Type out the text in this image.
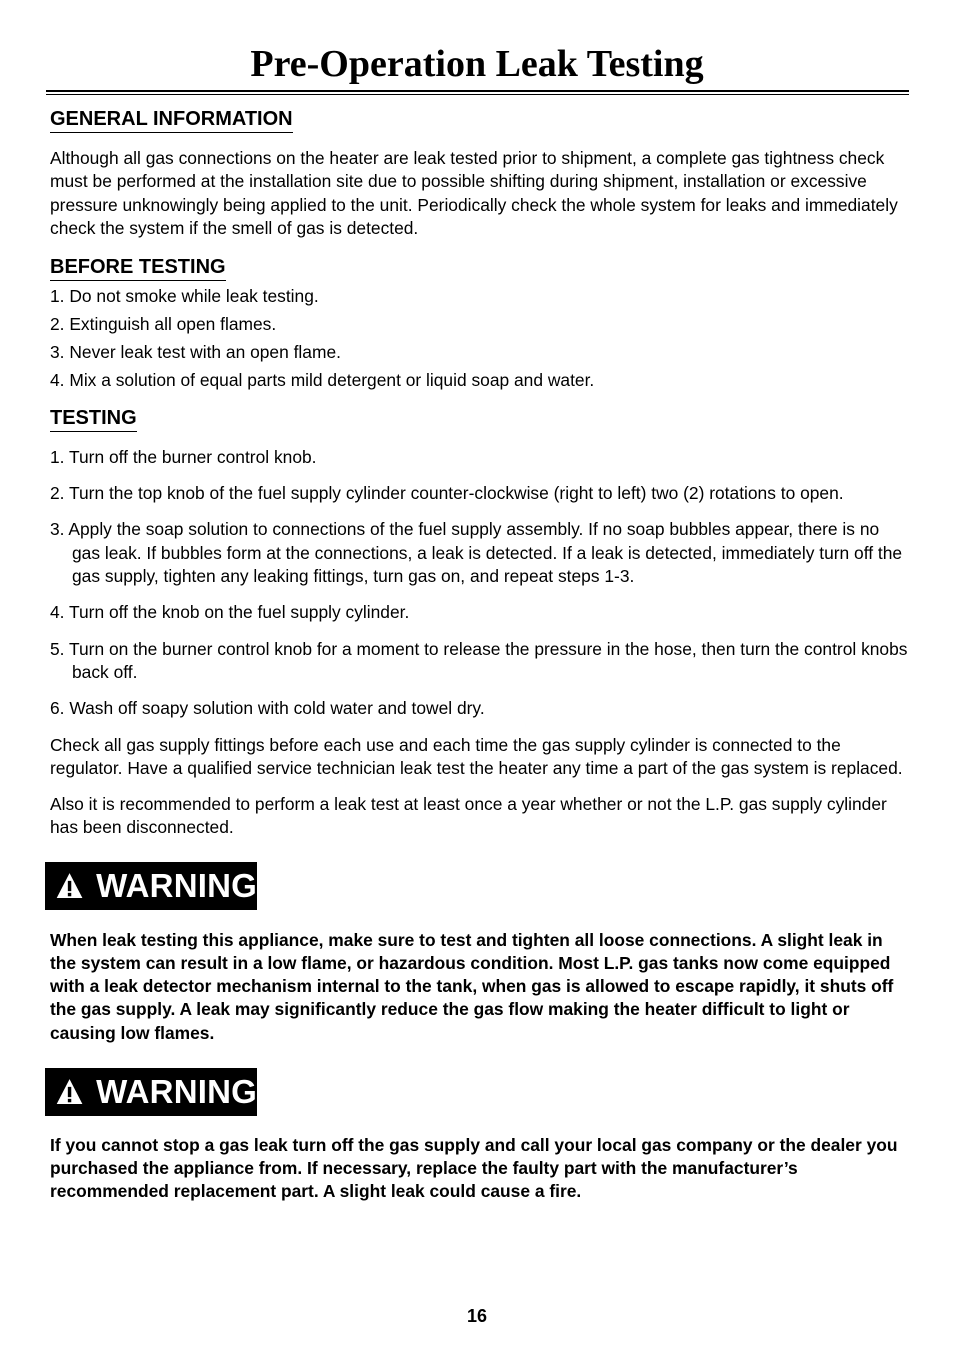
Pre-Operation Leak Testing
GENERAL INFORMATION

Although all gas connections on the heater are leak tested prior to shipment, a complete gas tightness check must be performed at the installation site due to possible shifting during shipment, installation or excessive pressure unknowingly being applied to the unit. Periodically check the whole system for leaks and immediately check the system if the smell of gas is detected.

BEFORE TESTING
1. Do not smoke while leak testing.
2. Extinguish all open flames.
3. Never leak test with an open flame.
4. Mix a solution of equal parts mild detergent or liquid soap and water.
TESTING
1. Turn off the burner control knob.
2. Turn the top knob of the fuel supply cylinder counter-clockwise (right to left) two (2) rotations to open.
3. Apply the soap solution to connections of the fuel supply assembly. If no soap bubbles appear, there is no gas leak. If bubbles form at the connections, a leak is detected. If a leak is detected, immediately turn off the gas supply, tighten any leaking fittings, turn gas on, and repeat steps 1-3.
4. Turn off the knob on the fuel supply cylinder.
5. Turn on the burner control knob for a moment to release the pressure in the hose, then turn the control knobs back off.
6. Wash off soapy solution with cold water and towel dry.

Check all gas supply fittings before each use and each time the gas supply cylinder is connected to the regulator. Have a qualified service technician leak test the heater any time a part of the gas system is replaced.

Also it is recommended to perform a leak test at least once a year whether or not the L.P. gas supply cylinder has been disconnected.

WARNING

When leak testing this appliance, make sure to test and tighten all loose connections. A slight leak in the system can result in a low flame, or hazardous condition. Most L.P. gas tanks now come equipped with a leak detector mechanism internal to the tank, when gas is allowed to escape rapidly, it shuts off the gas supply. A leak may significantly reduce the gas flow making the heater difficult to light or causing low flames.

WARNING

If you cannot stop a gas leak turn off the gas supply and call your local gas company or the dealer you purchased the appliance from. If necessary, replace the faulty part with the manufacturer’s recommended replacement part. A slight leak could cause a fire.

16
